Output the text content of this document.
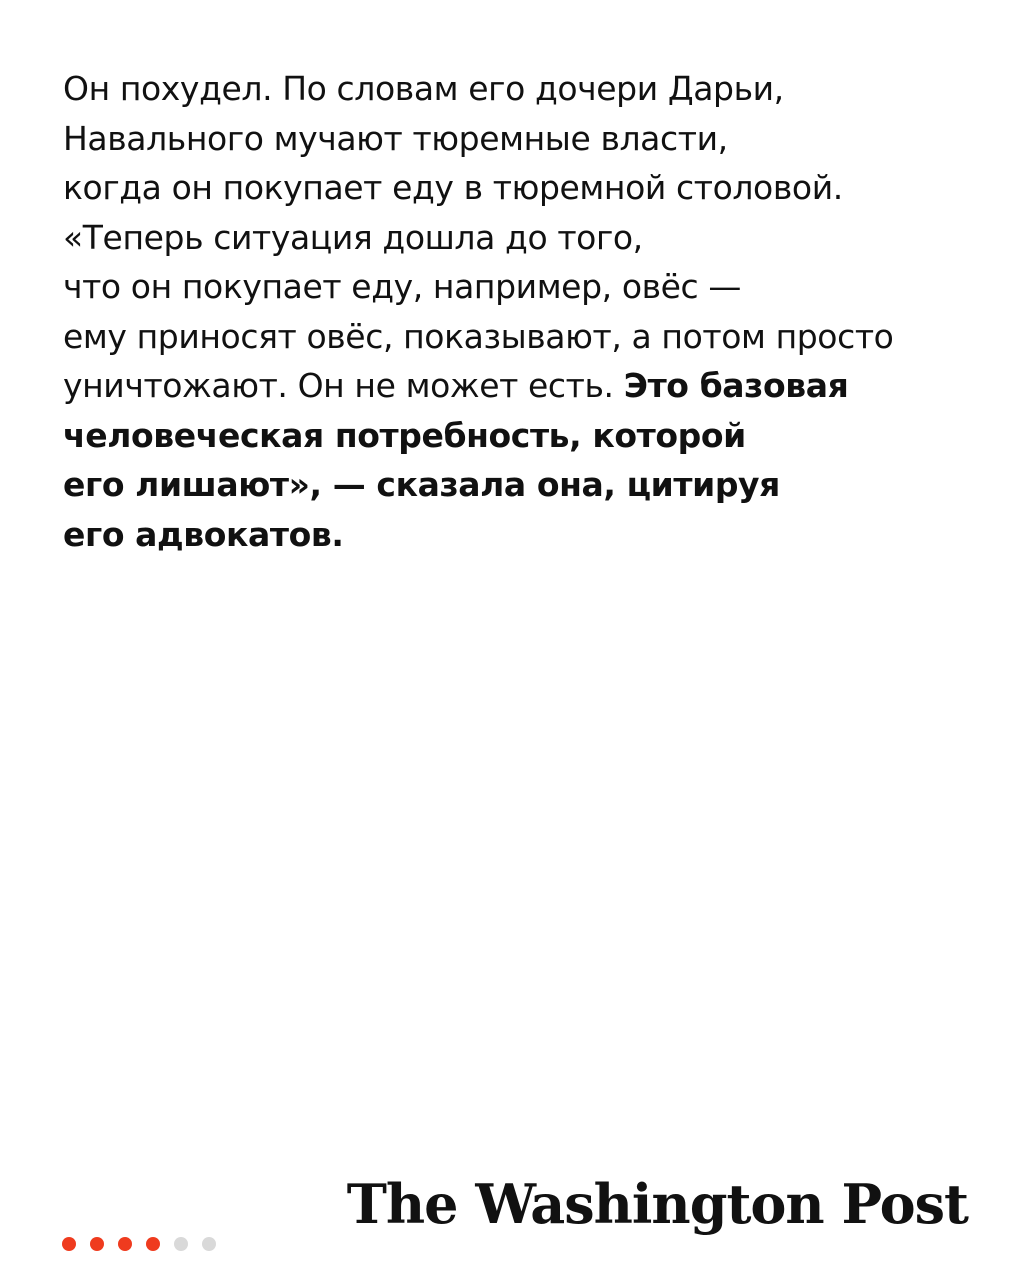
Он похудел. По словам его дочери Дарьи,
Навального мучают тюремные власти,
когда он покупает еду в тюремной столовой.
«Теперь ситуация дошла до того,
что он покупает еду, например, овёс —
ему приносят овёс, показывают, а потом просто
уничтожают. Он не может есть. Это базовая
человеческая потребность, которой
его лишают», — сказала она, цитируя
его адвокатов.
The Washington Post
